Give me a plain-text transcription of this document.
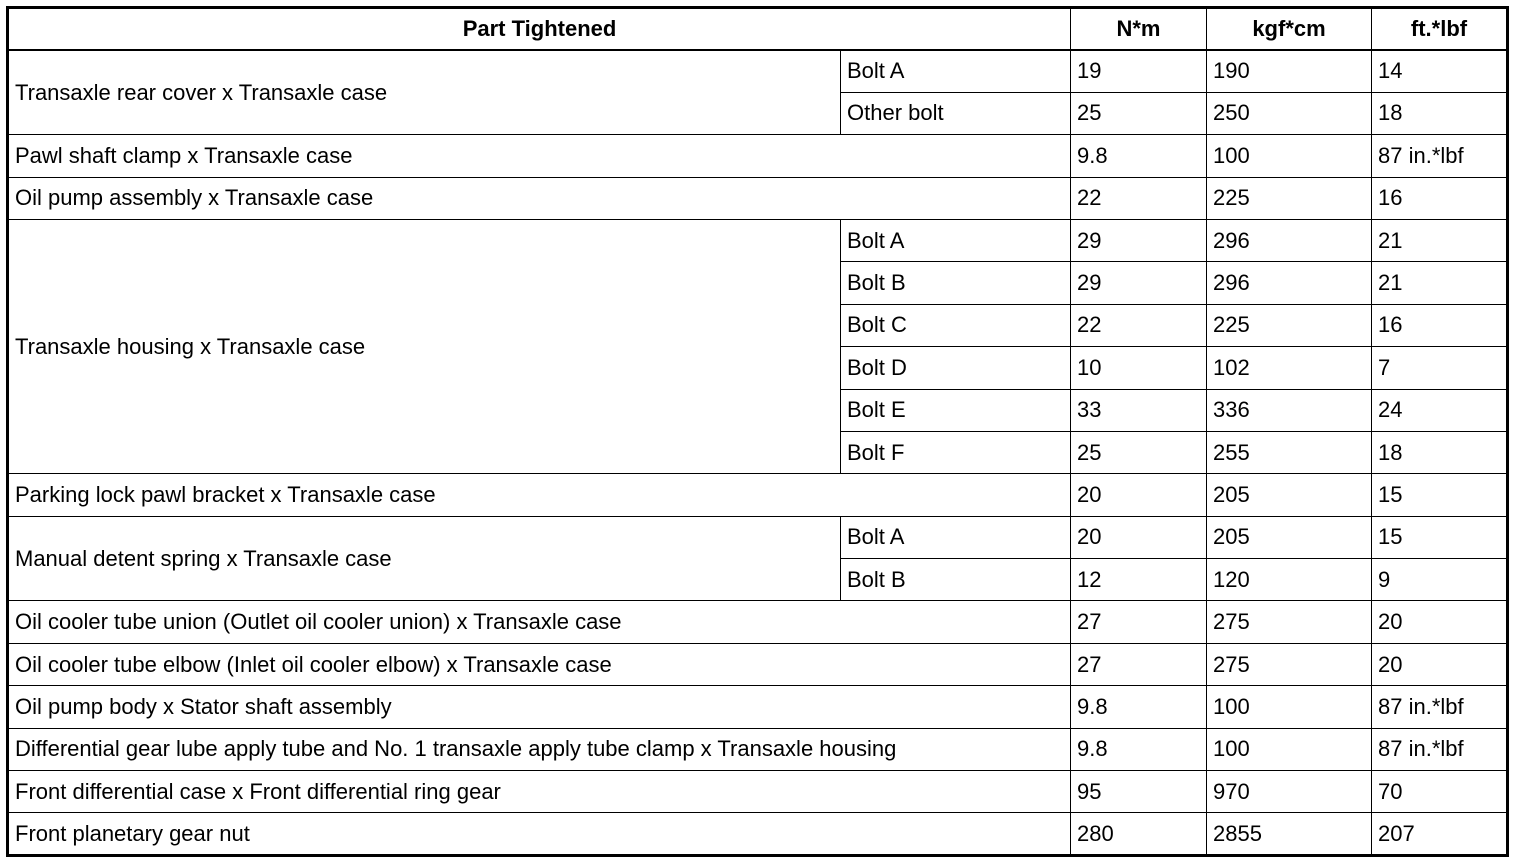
Part Tightened		N*m	kgf*cm	ft.*lbf
Transaxle rear cover x Transaxle case	Bolt A	19	190	14
	Other bolt	25	250	18
Pawl shaft clamp x Transaxle case		9.8	100	87 in.*lbf
Oil pump assembly x Transaxle case		22	225	16
Transaxle housing x Transaxle case	Bolt A	29	296	21
	Bolt B	29	296	21
	Bolt C	22	225	16
	Bolt D	10	102	7
	Bolt E	33	336	24
	Bolt F	25	255	18
Parking lock pawl bracket x Transaxle case		20	205	15
Manual detent spring x Transaxle case	Bolt A	20	205	15
	Bolt B	12	120	9
Oil cooler tube union (Outlet oil cooler union) x Transaxle case		27	275	20
Oil cooler tube elbow (Inlet oil cooler elbow) x Transaxle case		27	275	20
Oil pump body x Stator shaft assembly		9.8	100	87 in.*lbf
Differential gear lube apply tube and No. 1 transaxle apply tube clamp x Transaxle housing		9.8	100	87 in.*lbf
Front differential case x Front differential ring gear		95	970	70
Front planetary gear nut		280	2855	207
